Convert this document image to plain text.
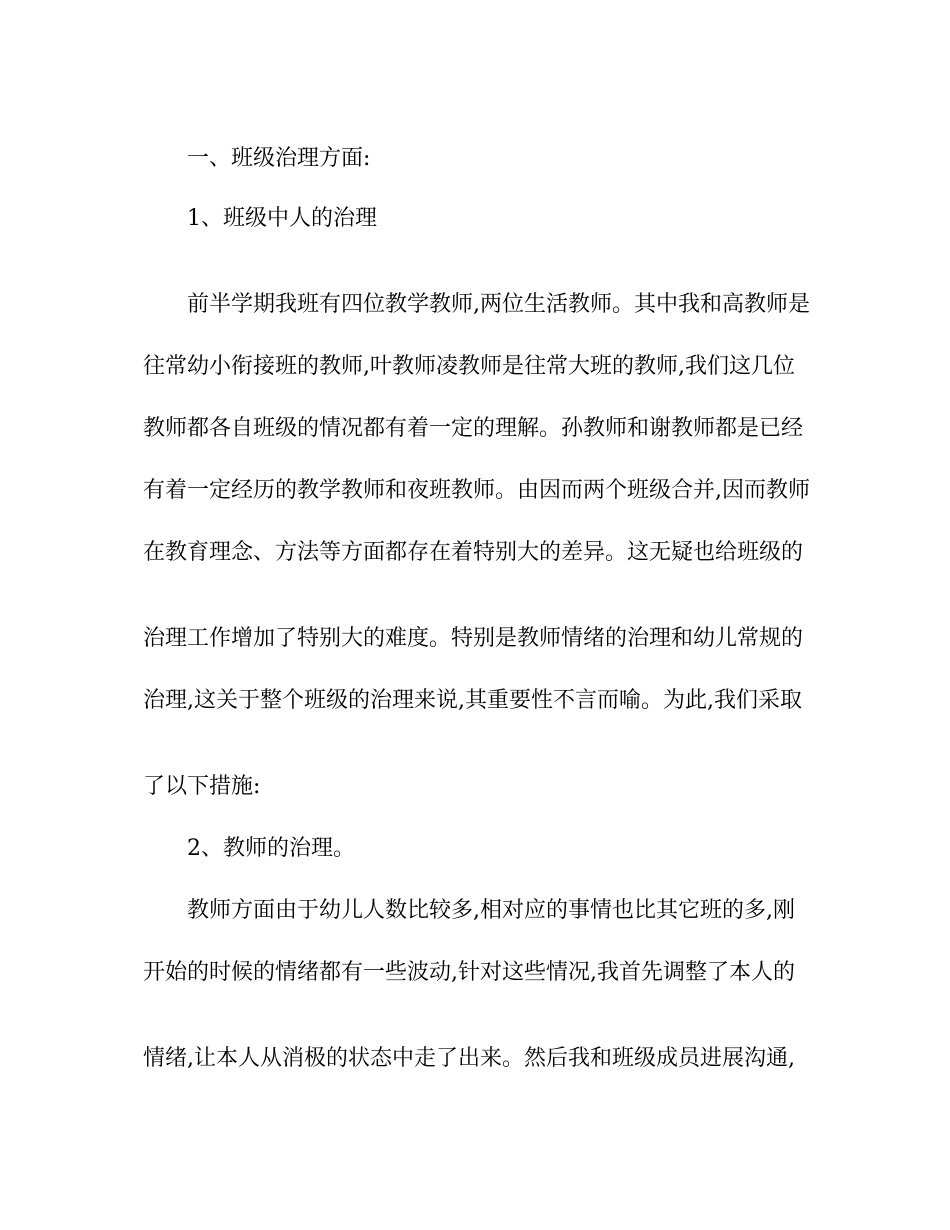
一、班级治理方面:
1、班级中人的治理
前半学期我班有四位教学教师,两位生活教师。其中我和高教师是
往常幼小衔接班的教师,叶教师凌教师是往常大班的教师,我们这几位
教师都各自班级的情况都有着一定的理解。孙教师和谢教师都是已经
有着一定经历的教学教师和夜班教师。由因而两个班级合并,因而教师
在教育理念、方法等方面都存在着特别大的差异。这无疑也给班级的
治理工作增加了特别大的难度。特别是教师情绪的治理和幼儿常规的
治理,这关于整个班级的治理来说,其重要性不言而喻。为此,我们采取
了以下措施:
2、教师的治理。
教师方面由于幼儿人数比较多,相对应的事情也比其它班的多,刚
开始的时候的情绪都有一些波动,针对这些情况,我首先调整了本人的
情绪,让本人从消极的状态中走了出来。然后我和班级成员进展沟通,
